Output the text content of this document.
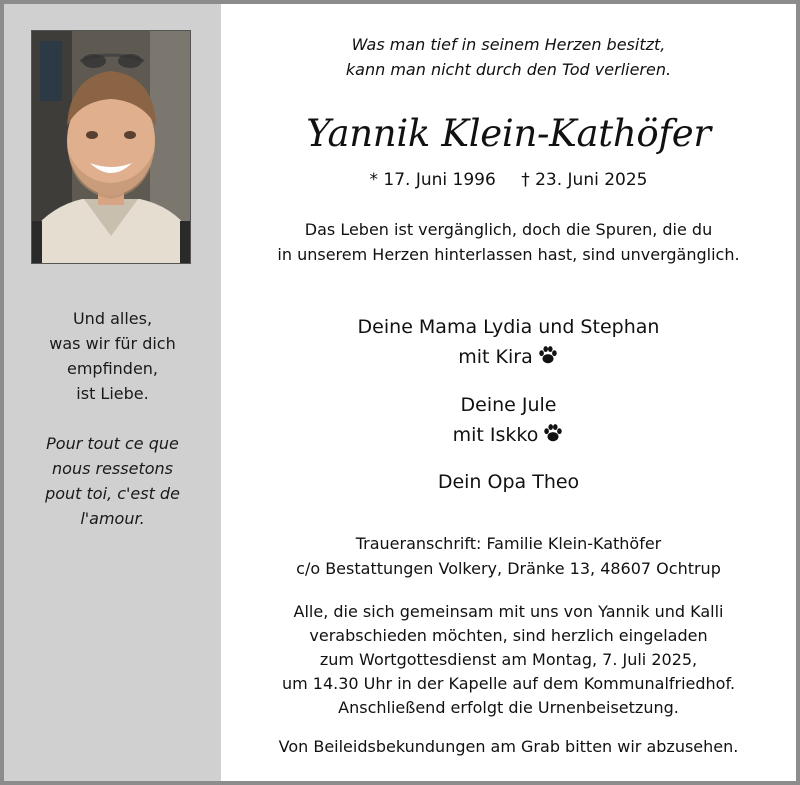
Und alles,
was wir für dich
empfinden,
ist Liebe.
Pour tout ce que
nous ressetons
pout toi, c'est de
l'amour.
Was man tief in seinem Herzen besitzt,
kann man nicht durch den Tod verlieren.
Yannik Klein-Kathöfer
* 17. Juni 1996 † 23. Juni 2025
Das Leben ist vergänglich, doch die Spuren, die du
in unserem Herzen hinterlassen hast, sind unvergänglich.
Deine Mama Lydia und Stephan
mit Kira
Deine Jule
mit Iskko
Dein Opa Theo
Traueranschrift: Familie Klein-Kathöfer
c/o Bestattungen Volkery, Dränke 13, 48607 Ochtrup
Alle, die sich gemeinsam mit uns von Yannik und Kalli
verabschieden möchten, sind herzlich eingeladen
zum Wortgottesdienst am Montag, 7. Juli 2025,
um 14.30 Uhr in der Kapelle auf dem Kommunalfriedhof.
Anschließend erfolgt die Urnenbeisetzung.
Von Beileidsbekundungen am Grab bitten wir abzusehen.
